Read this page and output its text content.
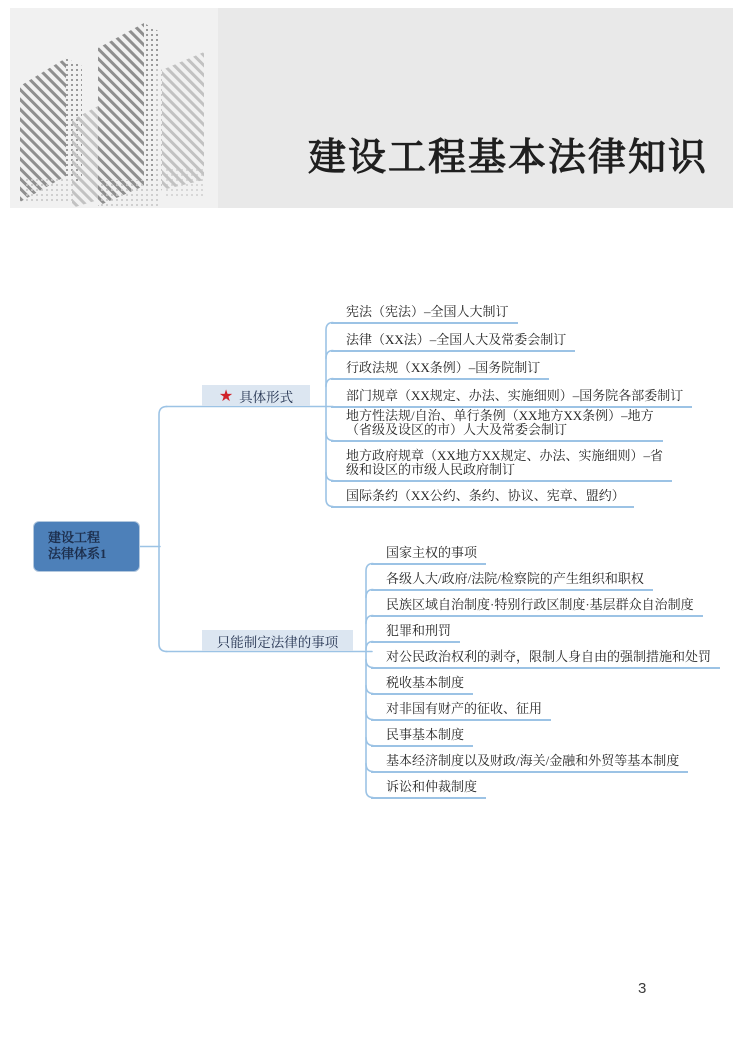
建设工程基本法律知识
建设工程
法律体系1
★ 具体形式
只能制定法律的事项
宪法（宪法）–全国人大制订
法律（XX法）–全国人大及常委会制订
行政法规（XX条例）–国务院制订
部门规章（XX规定、办法、实施细则）–国务院各部委制订
地方性法规/自治、单行条例（XX地方XX条例）–地方
（省级及设区的市）人大及常委会制订
地方政府规章（XX地方XX规定、办法、实施细则）–省
级和设区的市级人民政府制订
国际条约（XX公约、条约、协议、宪章、盟约）
国家主权的事项
各级人大/政府/法院/检察院的产生组织和职权
民族区域自治制度·特别行政区制度·基层群众自治制度
犯罪和刑罚
对公民政治权利的剥夺，限制人身自由的强制措施和处罚
税收基本制度
对非国有财产的征收、征用
民事基本制度
基本经济制度以及财政/海关/金融和外贸等基本制度
诉讼和仲裁制度
3
